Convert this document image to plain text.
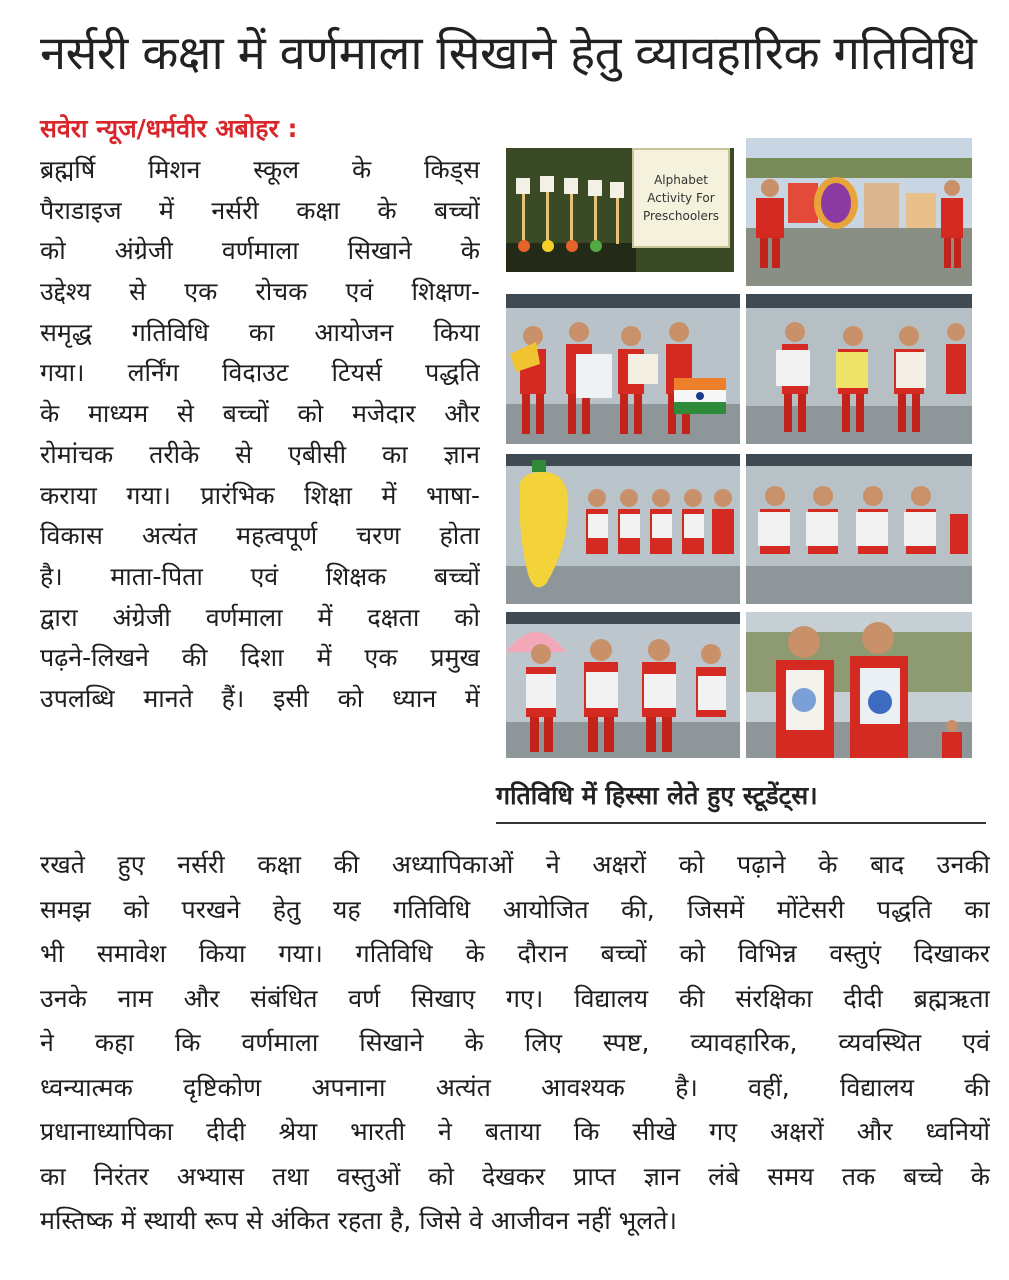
नर्सरी कक्षा में वर्णमाला सिखाने हेतु व्यावहारिक गतिविधि
सवेरा न्यूज/धर्मवीर अबोहर :
ब्रह्मर्षि मिशन स्कूल के किड्स
पैराडाइज में नर्सरी कक्षा के बच्चों
को अंग्रेजी वर्णमाला सिखाने के
उद्देश्य से एक रोचक एवं शिक्षण-
समृद्ध गतिविधि का आयोजन किया
गया। लर्निंग विदाउट टियर्स पद्धति
के माध्यम से बच्चों को मजेदार और
रोमांचक तरीके से एबीसी का ज्ञान
कराया गया। प्रारंभिक शिक्षा में भाषा-
विकास अत्यंत महत्वपूर्ण चरण होता
है। माता-पिता एवं शिक्षक बच्चों
द्वारा अंग्रेजी वर्णमाला में दक्षता को
पढ़ने-लिखने की दिशा में एक प्रमुख
उपलब्धि मानते हैं। इसी को ध्यान में
Alphabet Activity For Preschoolers
गतिविधि में हिस्सा लेते हुए स्टूडेंट्स।
रखते हुए नर्सरी कक्षा की अध्यापिकाओं ने अक्षरों को पढ़ाने के बाद उनकी
समझ को परखने हेतु यह गतिविधि आयोजित की, जिसमें मोंटेसरी पद्धति का
भी समावेश किया गया। गतिविधि के दौरान बच्चों को विभिन्न वस्तुएं दिखाकर
उनके नाम और संबंधित वर्ण सिखाए गए। विद्यालय की संरक्षिका दीदी ब्रह्मऋता
ने कहा कि वर्णमाला सिखाने के लिए स्पष्ट, व्यावहारिक, व्यवस्थित एवं
ध्वन्यात्मक दृष्टिकोण अपनाना अत्यंत आवश्यक है। वहीं, विद्यालय की
प्रधानाध्यापिका दीदी श्रेया भारती ने बताया कि सीखे गए अक्षरों और ध्वनियों
का निरंतर अभ्यास तथा वस्तुओं को देखकर प्राप्त ज्ञान लंबे समय तक बच्चे के
मस्तिष्क में स्थायी रूप से अंकित रहता है, जिसे वे आजीवन नहीं भूलते।
